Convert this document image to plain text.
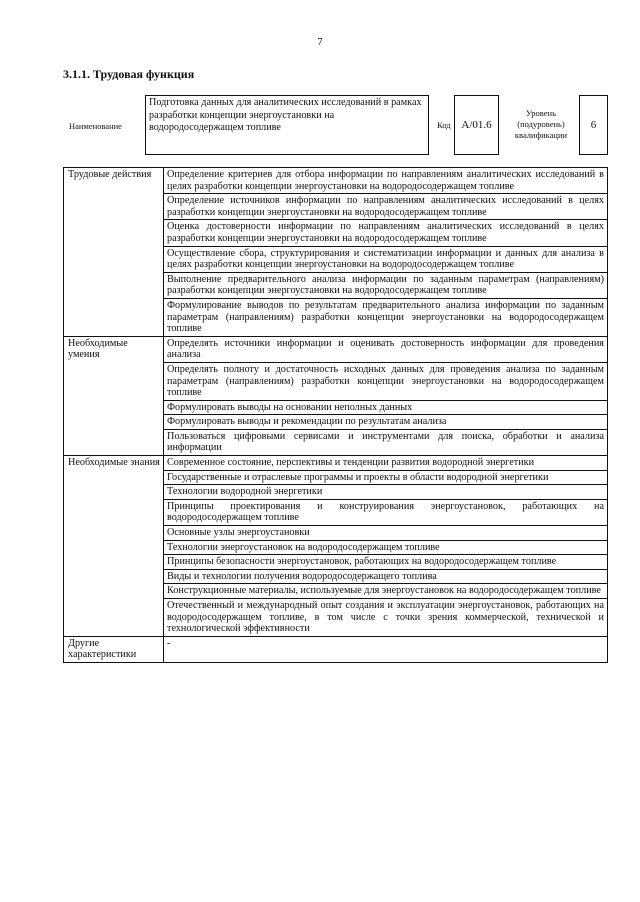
7
3.1.1. Трудовая функция
Наименование
Подготовка данных для аналитических исследований в рамках разработки концепции энергоустановки на водородосодержащем топливе	Код A/01.6
Уровень (подуровень) квалификации
6
Трудовые действия	Определение критериев для отбора информации по направлениям аналитических исследований в целях разработки концепции энергоустановки на водородосодержащем топливе
	Определение источников информации по направлениям аналитических исследований в целях разработки концепции энергоустановки на водородосодержащем топливе
	Оценка достоверности информации по направлениям аналитических исследований в целях разработки концепции энергоустановки на водородосодержащем топливе
	Осуществление сбора, структурирования и систематизации информации и данных для анализа в целях разработки концепции энергоустановки на водородосодержащем топливе
	Выполнение предварительного анализа информации по заданным параметрам (направлениям) разработки концепции энергоустановки на водородосодержащем топливе
	Формулирование выводов по результатам предварительного анализа информации по заданным параметрам (направлениям) разработки концепции энергоустановки на водородосодержащем топливе
Необходимые умения	Определять источники информации и оценивать достоверность информации для проведения анализа
	Определять полноту и достаточность исходных данных для проведения анализа по заданным параметрам (направлениям) разработки концепции энергоустановки на водородосодержащем топливе
	Формулировать выводы на основании неполных данных
	Формулировать выводы и рекомендации по результатам анализа
	Пользоваться цифровыми сервисами и инструментами для поиска, обработки и анализа информации
Необходимые знания	Современное состояние, перспективы и тенденции развития водородной энергетики
	Государственные и отраслевые программы и проекты в области водородной энергетики
	Технологии водородной энергетики
	Принципы проектирования и конструирования энергоустановок, работающих на водородосодержащем топливе
	Основные узлы энергоустановки
	Технологии энергоустановок на водородосодержащем топливе
	Принципы безопасности энергоустановок, работающих на водородосодержащем топливе
	Виды и технологии получения водородосодержащего топлива
	Конструкционные материалы, используемые для энергоустановок на водородосодержащем топливе
	Отечественный и международный опыт создания и эксплуатации энергоустановок, работающих на водородосодержащем топливе, в том числе с точки зрения коммерческой, технической и технологической эффективности
Другие характеристики	-
